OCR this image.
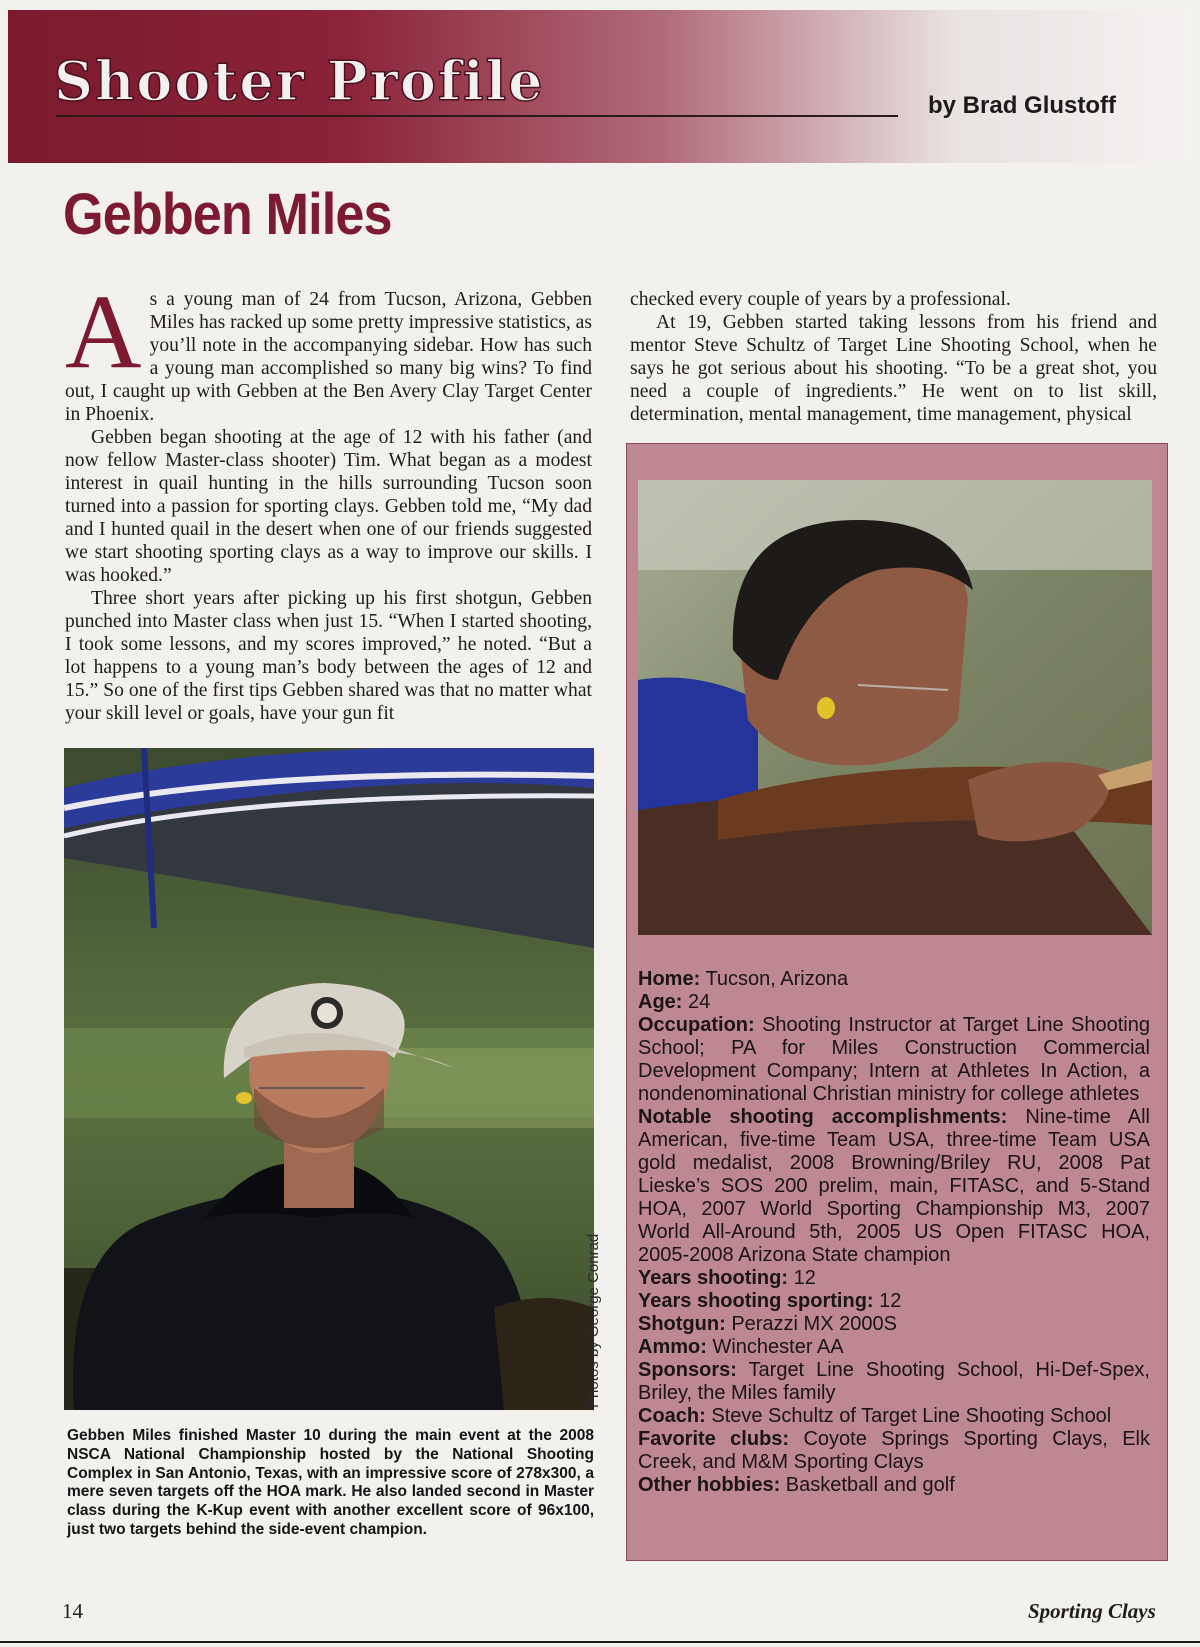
Shooter Profile	by Brad Glustoff
Gebben Miles

As a young man of 24 from Tucson, Arizona, Gebben Miles has racked up some pretty impressive statistics, as you’ll note in the accompanying sidebar. How has such a young man accomplished so many big wins? To find out, I caught up with Gebben at the Ben Avery Clay Target Center in Phoenix.

Gebben began shooting at the age of 12 with his father (and now fellow Master-class shooter) Tim. What began as a modest interest in quail hunting in the hills surrounding Tucson soon turned into a passion for sporting clays. Gebben told me, “My dad and I hunted quail in the desert when one of our friends suggested we start shooting sporting clays as a way to improve our skills. I was hooked.”

Three short years after picking up his first shotgun, Gebben punched into Master class when just 15. “When I started shooting, I took some lessons, and my scores improved,” he noted. “But a lot happens to a young man’s body between the ages of 12 and 15.” So one of the first tips Gebben shared was that no matter what your skill level or goals, have your gun fit

checked every couple of years by a professional.

At 19, Gebben started taking lessons from his friend and mentor Steve Schultz of Target Line Shooting School, when he says he got serious about his shooting. “To be a great shot, you need a couple of ingredients.” He went on to list skill, determination, mental management, time management, physical

Photos by George Conrad
Gebben Miles finished Master 10 during the main event at the 2008 NSCA National Championship hosted by the National Shooting Complex in San Antonio, Texas, with an impressive score of 278x300, a mere seven targets off the HOA mark. He also landed second in Master class during the K-Kup event with another excellent score of 96x100, just two targets behind the side-event champion.
Home: Tucson, Arizona
Age: 24
Occupation: Shooting Instructor at Target Line Shooting School; PA for Miles Construction Commercial Development Company; Intern at Athletes In Action, a nondenominational Christian ministry for college athletes
Notable shooting accomplishments: Nine-time All American, five-time Team USA, three-time Team USA gold medalist, 2008 Browning/Briley RU, 2008 Pat Lieske’s SOS 200 prelim, main, FITASC, and 5-Stand HOA, 2007 World Sporting Championship M3, 2007 World All-Around 5th, 2005 US Open FITASC HOA, 2005-2008 Arizona State champion
Years shooting: 12
Years shooting sporting: 12
Shotgun: Perazzi MX 2000S
Ammo: Winchester AA
Sponsors: Target Line Shooting School, Hi-Def-Spex, Briley, the Miles family
Coach: Steve Schultz of Target Line Shooting School
Favorite clubs: Coyote Springs Sporting Clays, Elk Creek, and M&M Sporting Clays
Other hobbies: Basketball and golf
14	Sporting Clays
